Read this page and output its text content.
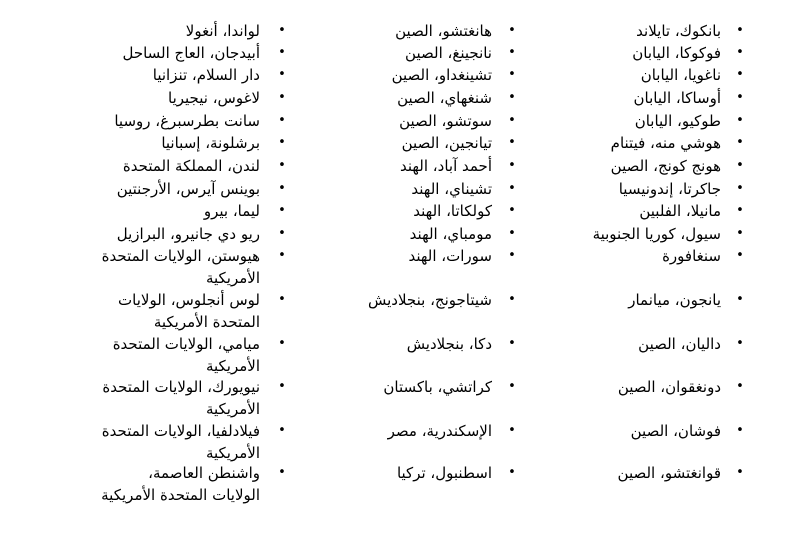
•
بانكوك، تايلاند
•
هانغتشو، الصين
•
لواندا، أنغولا
•
فوكوكا، اليابان
•
نانجينغ، الصين
•
أبيدجان، العاج الساحل
•
ناغويا، اليابان
•
تشينغداو، الصين
•
دار السلام، تنزانيا
•
أوساكا، اليابان
•
شنغهاي، الصين
•
لاغوس، نيجيريا
•
طوكيو، اليابان
•
سوتشو، الصين
•
سانت بطرسبرغ، روسيا
•
هوشي منه، فيتنام
•
تيانجين، الصين
•
برشلونة، إسبانيا
•
هونج كونج، الصين
•
أحمد آباد، الهند
•
لندن، المملكة المتحدة
•
جاكرتا، إندونيسيا
•
تشيناي، الهند
•
بوينس آيرس، الأرجنتين
•
مانيلا، الفلبين
•
كولكاتا، الهند
•
ليما، بيرو
•
سيول، كوريا الجنوبية
•
مومباي، الهند
•
ريو دي جانيرو، البرازيل
•
سنغافورة
•
سورات، الهند
•
هيوستن، الولايات المتحدة الأمريكية
•
يانجون، ميانمار
•
شيتاجونج، بنجلاديش
•
لوس أنجلوس، الولايات المتحدة الأمريكية
•
داليان، الصين
•
دكا، بنجلاديش
•
ميامي، الولايات المتحدة الأمريكية
•
دونغقوان، الصين
•
كراتشي، باكستان
•
نيويورك، الولايات المتحدة الأمريكية
•
فوشان، الصين
•
الإسكندرية، مصر
•
فيلادلفيا، الولايات المتحدة الأمريكية
•
قوانغتشو، الصين
•
اسطنبول، تركيا
•
واشنطن العاصمة، الولايات المتحدة الأمريكية
